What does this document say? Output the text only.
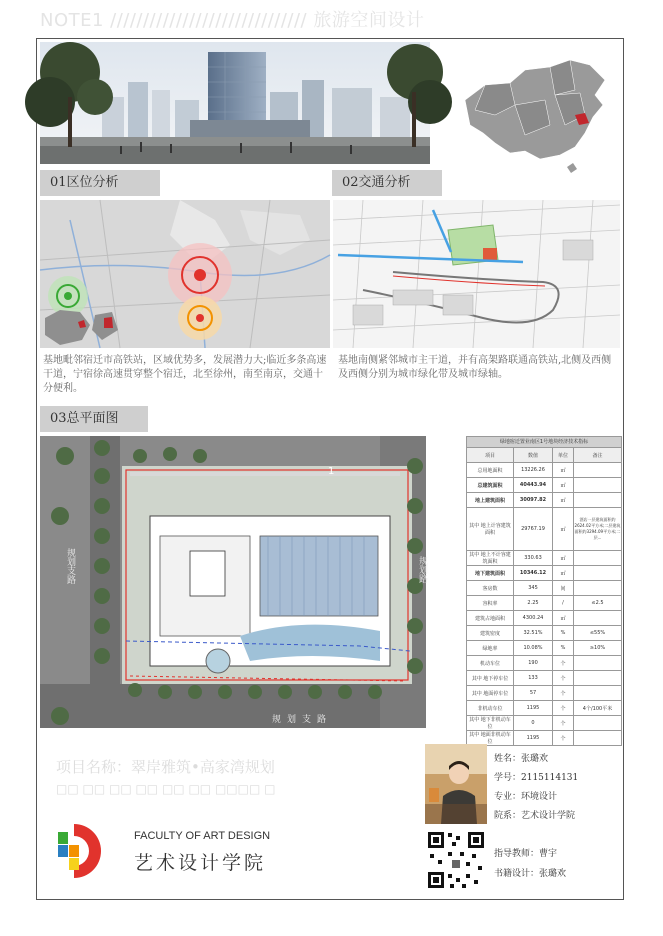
NOTE1 ////////////////////////////// 旅游空间设计
01区位分析	02交通分析
基地毗邻宿迁市高铁站，区域优势多，发展潜力大;临近多条高速干道，宁宿徐高速贯穿整个宿迁，北至徐州，南至南京，交通十分便利。
基地南侧紧邻城市主干道，并有高架路联通高铁站,北侧及西侧及西侧分别为城市绿化带及城市绿轴。
03总平面图
1
规划支路
规划支路
规划路
绿地宿迁置业南区1号地块经济技术指标
项目	数值	单位	备注
总用地面积	13226.26	㎡	
总建筑面积	40443.94	㎡	
地上建筑面积	30097.82	㎡	
其中 地上计容建筑面积	29767.19	㎡	酒店一层建筑面积约2624.02平方米;二层建筑面积约3294.09平方米;二层...
其中 地上不计容建筑面积	330.63	㎡	
地下建筑面积	10346.12	㎡	
客房数	345	间	
容积率	2.25	/	≤2.5
建筑占地面积	4300.24	㎡	
建筑密度	32.51%	%	≤55%
绿地率	10.08%	%	≥10%
机动车位	190	个	
其中 地下停车位	133	个	
其中 地面停车位	57	个	
非机动车位	1195	个	4个/100平米
其中 地下非机动车位	0	个	
其中 地面非机动车位	1195	个	
项目名称：翠岸雅筑•高家湾规划
□□ □□ □□ □□ □□ □□ □□□□ □
FACULTY OF ART DESIGN
艺术设计学院
姓名：张璐欢
学号：2115114131
专业：环境设计
院系：艺术设计学院
指导教师：曹宇
书籍设计：张璐欢
